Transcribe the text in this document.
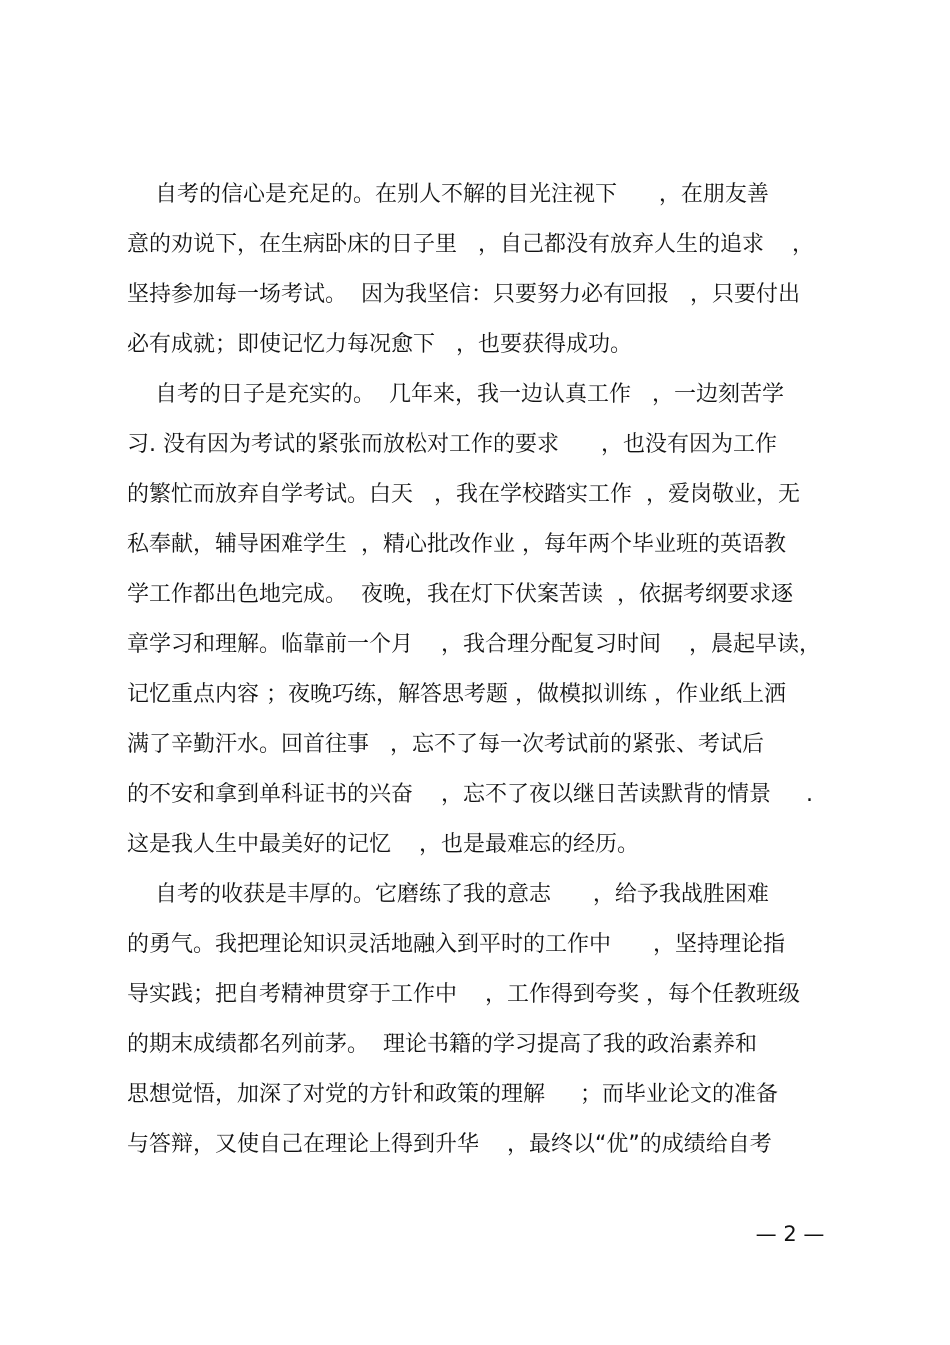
自考的信心是充足的。在别人不解的目光注视下      ，在朋友善
意的劝说下，在生病卧床的日子里   ，自己都没有放弃人生的追求    ，
坚持参加每一场考试。  因为我坚信：只要努力必有回报   ，只要付出
必有成就；即使记忆力每况愈下   ，也要获得成功。
自考的日子是充实的。  几年来，我一边认真工作   ，一边刻苦学
习. 没有因为考试的紧张而放松对工作的要求      ，也没有因为工作
的繁忙而放弃自学考试。白天   ，我在学校踏实工作  ，爱岗敬业，无
私奉献，辅导困难学生  ，精心批改作业 ，每年两个毕业班的英语教
学工作都出色地完成。  夜晚，我在灯下伏案苦读  ，依据考纲要求逐
章学习和理解。临靠前一个月    ，我合理分配复习时间    ，晨起早读，
记忆重点内容 ；夜晚巧练，解答思考题 ，做模拟训练 ，作业纸上洒
满了辛勤汗水。回首往事   ，忘不了每一次考试前的紧张、考试后
的不安和拿到单科证书的兴奋    ，忘不了夜以继日苦读默背的情景     .
这是我人生中最美好的记忆    ，也是最难忘的经历。
自考的收获是丰厚的。它磨练了我的意志      ，给予我战胜困难
的勇气。我把理论知识灵活地融入到平时的工作中      ，坚持理论指
导实践；把自考精神贯穿于工作中    ，工作得到夸奖 ，每个任教班级
的期末成绩都名列前茅。  理论书籍的学习提高了我的政治素养和
思想觉悟，加深了对党的方针和政策的理解     ；而毕业论文的准备
与答辩，又使自己在理论上得到升华    ，最终以“优”的成绩给自考
— 2 —
